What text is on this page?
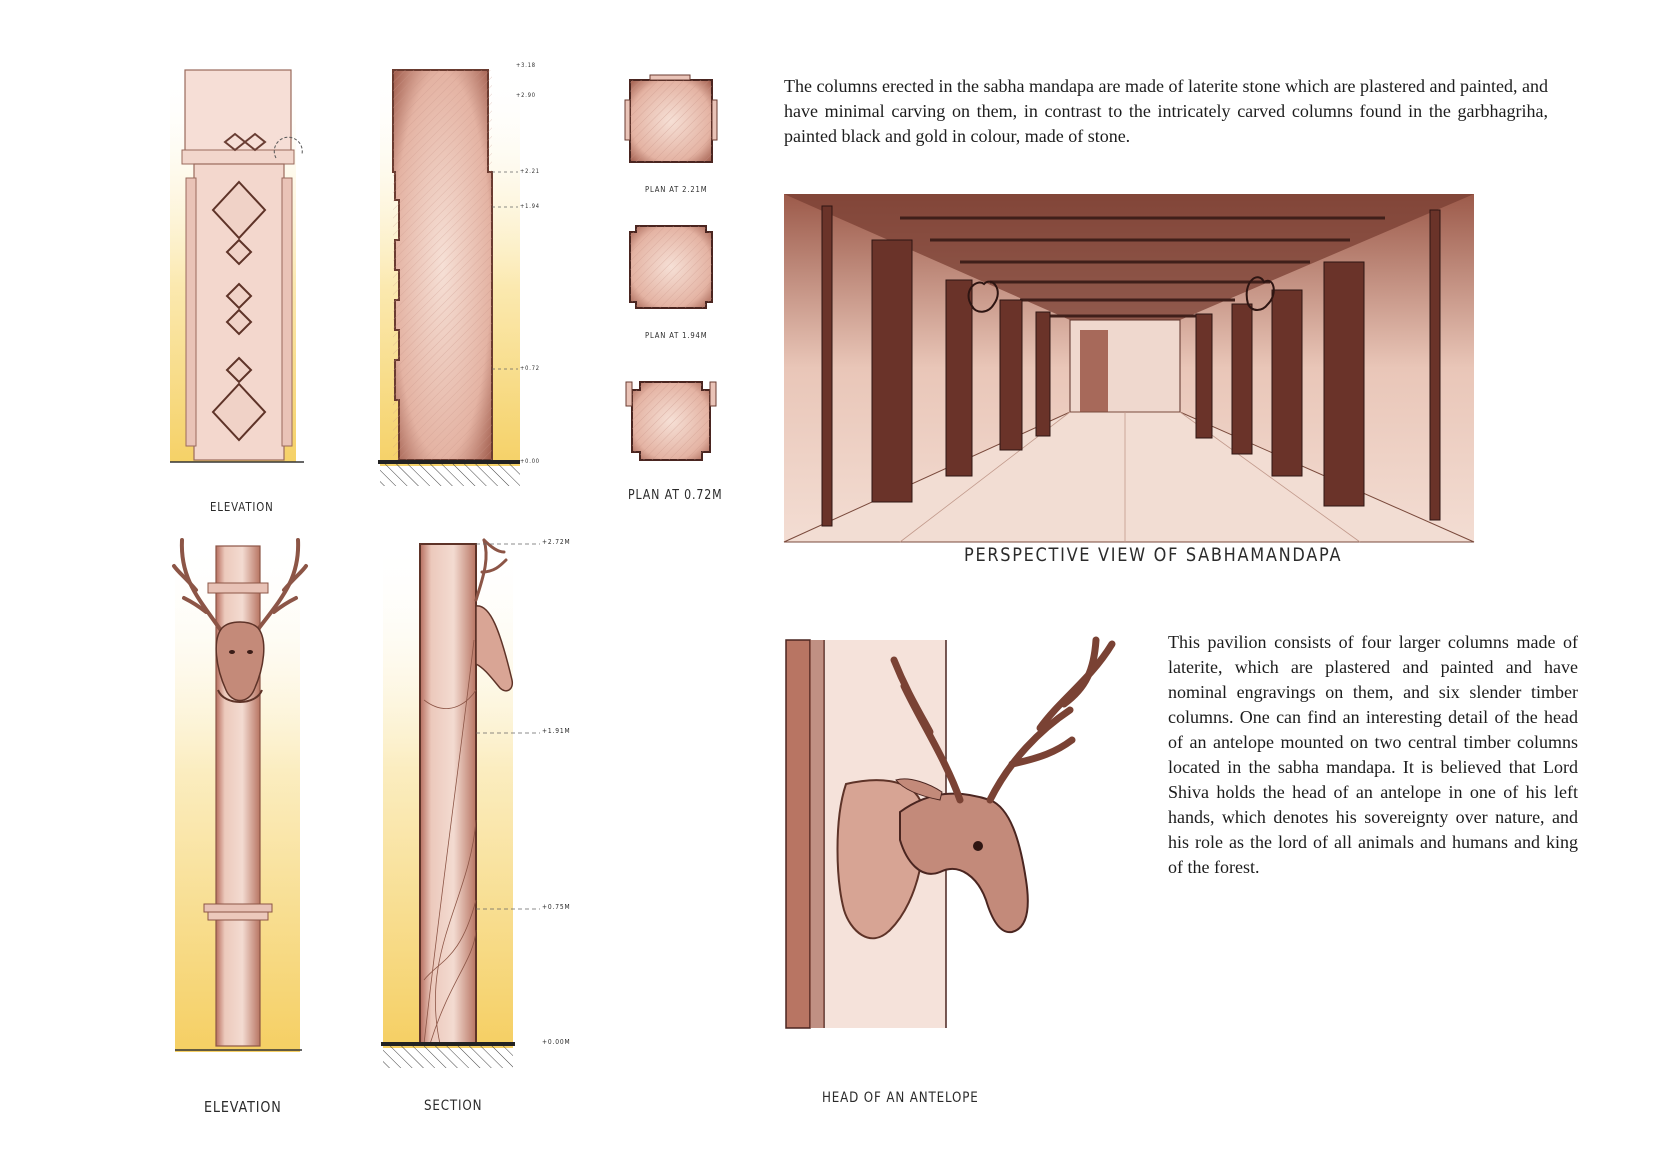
The columns erected in the sabha mandapa are made of laterite stone which are plastered and painted, and have minimal carving on them, in contrast to the intricately carved columns found in the garbhagriha, painted black and gold in colour, made of stone.
This pavilion consists of four larger columns made of laterite, which are plastered and painted and have nominal engravings on them, and six slender timber columns. One can find an interesting detail of the head of an antelope mounted on two central timber columns located in the sabha mandapa. It is believed that Lord Shiva holds the head of an antelope in one of his left hands, which denotes his sovereignty over nature, and his role as the lord of all animals and humans and king of the forest.
ELEVATION
ELEVATION	SECTION
PLAN AT 2.21M
PLAN AT 1.94M
PLAN AT 0.72M
PERSPECTIVE VIEW OF SABHAMANDAPA
HEAD OF AN ANTELOPE
+3.18
+2.90
+2.21
+1.94
+0.72
+0.00
+2.72M
+1.91M
+0.75M
+0.00M
